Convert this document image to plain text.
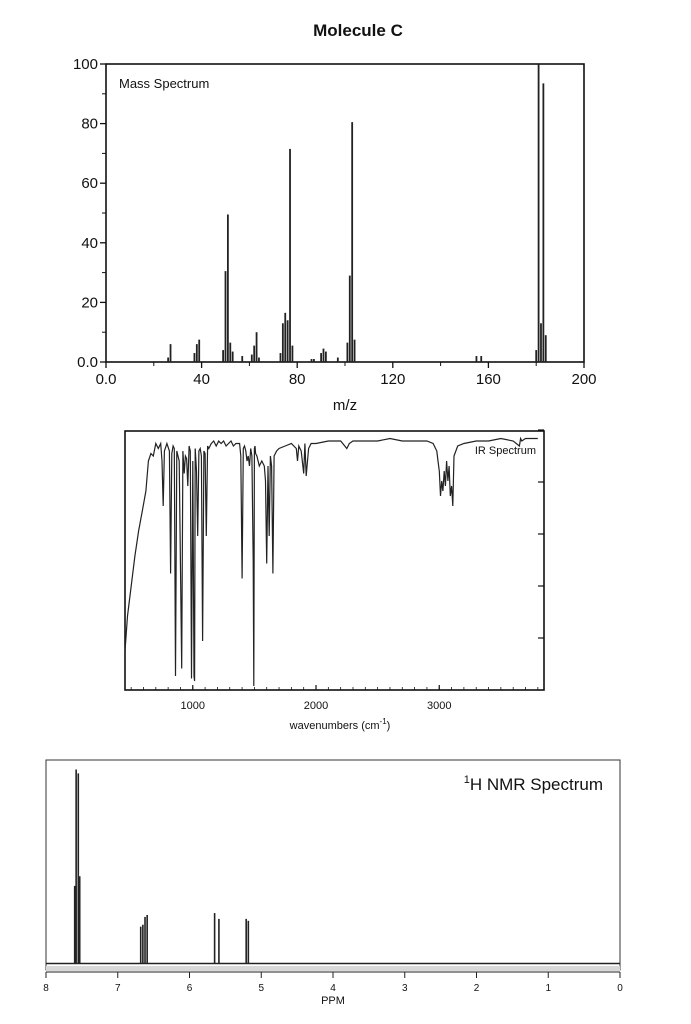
Molecule C
Mass Spectrum
0.0
20
40
60
80
100
0.0	40	80	120	160	200
m/z
IR Spectrum
1000	2000	3000
wavenumbers $(cm^{-1})$
$^1$H NMR Spectrum
8	7	6	5	4	3	2	1	0
PPM
